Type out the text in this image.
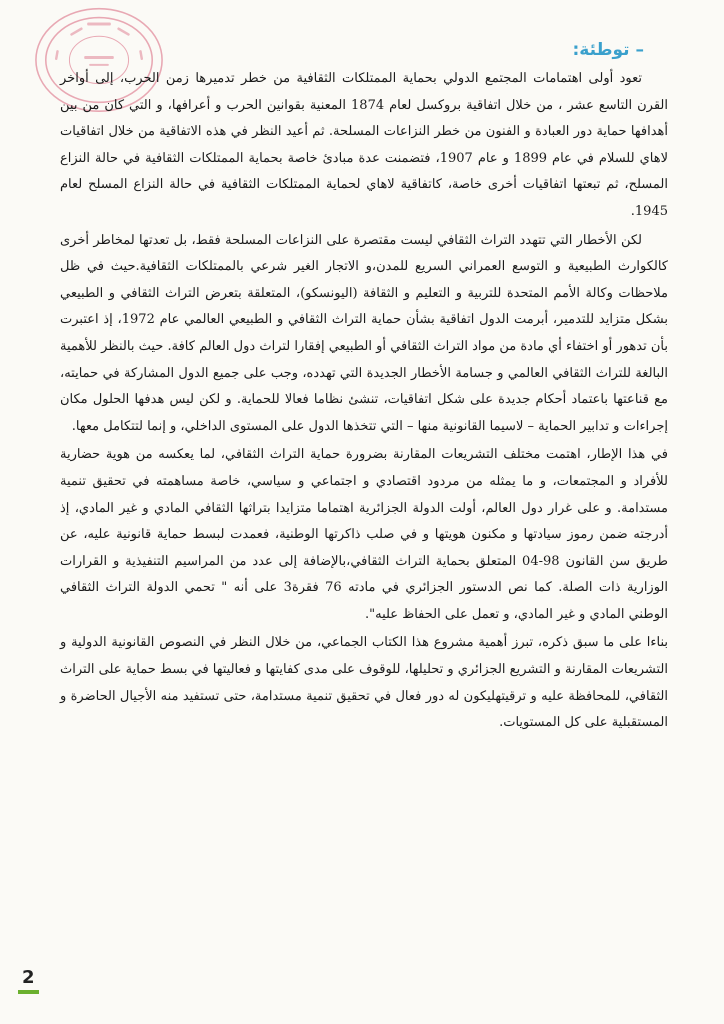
– توطئة:

تعود أولى اهتمامات المجتمع الدولي بحماية الممتلكات الثقافية من خطر تدميرها زمن الحرب، إلى أواخر القرن التاسع عشر ، من خلال اتفاقية بروكسل لعام 1874 المعنية بقوانين الحرب و أعرافها، و التي كان من بين أهدافها حماية دور العبادة و الفنون من خطر النزاعات المسلحة. ثم أعيد النظر في هذه الاتفاقية من خلال اتفاقيات لاهاي للسلام في عام 1899 و عام 1907، فتضمنت عدة مبادئ خاصة بحماية الممتلكات الثقافية في حالة النزاع المسلح، ثم تبعتها اتفاقيات أخرى خاصة، كاتفاقية لاهاي لحماية الممتلكات الثقافية في حالة النزاع المسلح لعام 1945.

لكن الأخطار التي تتهدد التراث الثقافي ليست مقتصرة على النزاعات المسلحة فقط، بل تعدتها لمخاطر أخرى كالكوارث الطبيعية و التوسع العمراني السريع للمدن،و الاتجار الغير شرعي بالممتلكات الثقافية.حيث في ظل ملاحظات وكالة الأمم المتحدة للتربية و التعليم و الثقافة (اليونسكو)، المتعلقة بتعرض التراث الثقافي و الطبيعي بشكل متزايد للتدمير، أبرمت الدول اتفاقية بشأن حماية التراث الثقافي و الطبيعي العالمي عام 1972، إذ اعتبرت بأن تدهور أو اختفاء أي مادة من مواد التراث الثقافي أو الطبيعي إفقارا لتراث دول العالم كافة. حيث بالنظر للأهمية البالغة للتراث الثقافي العالمي و جسامة الأخطار الجديدة التي تهدده، وجب على جميع الدول المشاركة في حمايته، مع قناعتها باعتماد أحكام جديدة على شكل اتفاقيات، تنشئ نظاما فعالا للحماية. و لكن ليس هدفها الحلول مكان إجراءات و تدابير الحماية – لاسيما القانونية منها – التي تتخذها الدول على المستوى الداخلي، و إنما لتتكامل معها.

في هذا الإطار، اهتمت مختلف التشريعات المقارنة بضرورة حماية التراث الثقافي، لما يعكسه من هوية حضارية للأفراد و المجتمعات، و ما يمثله من مردود اقتصادي و اجتماعي و سياسي، خاصة مساهمته في تحقيق تنمية مستدامة. و على غرار دول العالم، أولت الدولة الجزائرية اهتماما متزايدا بتراثها الثقافي المادي و غير المادي، إذ أدرجته ضمن رموز سيادتها و مكنون هويتها و في صلب ذاكرتها الوطنية، فعمدت لبسط حماية قانونية عليه، عن طريق سن القانون 98-04 المتعلق بحماية التراث الثقافي،بالإضافة إلى عدد من المراسيم التنفيذية و القرارات الوزارية ذات الصلة. كما نص الدستور الجزائري في مادته 76 فقرة3 على أنه " تحمي الدولة التراث الثقافي الوطني المادي و غير المادي، و تعمل على الحفاظ عليه".

بناءا على ما سبق ذكره، تبرز أهمية مشروع هذا الكتاب الجماعي، من خلال النظر في النصوص القانونية الدولية و التشريعات المقارنة و التشريع الجزائري و تحليلها، للوقوف على مدى كفايتها و فعاليتها في بسط حماية على التراث الثقافي، للمحافظة عليه و ترقيتهليكون له دور فعال في تحقيق تنمية مستدامة، حتى تستفيد منه الأجيال الحاضرة و المستقبلية على كل المستويات.

2
